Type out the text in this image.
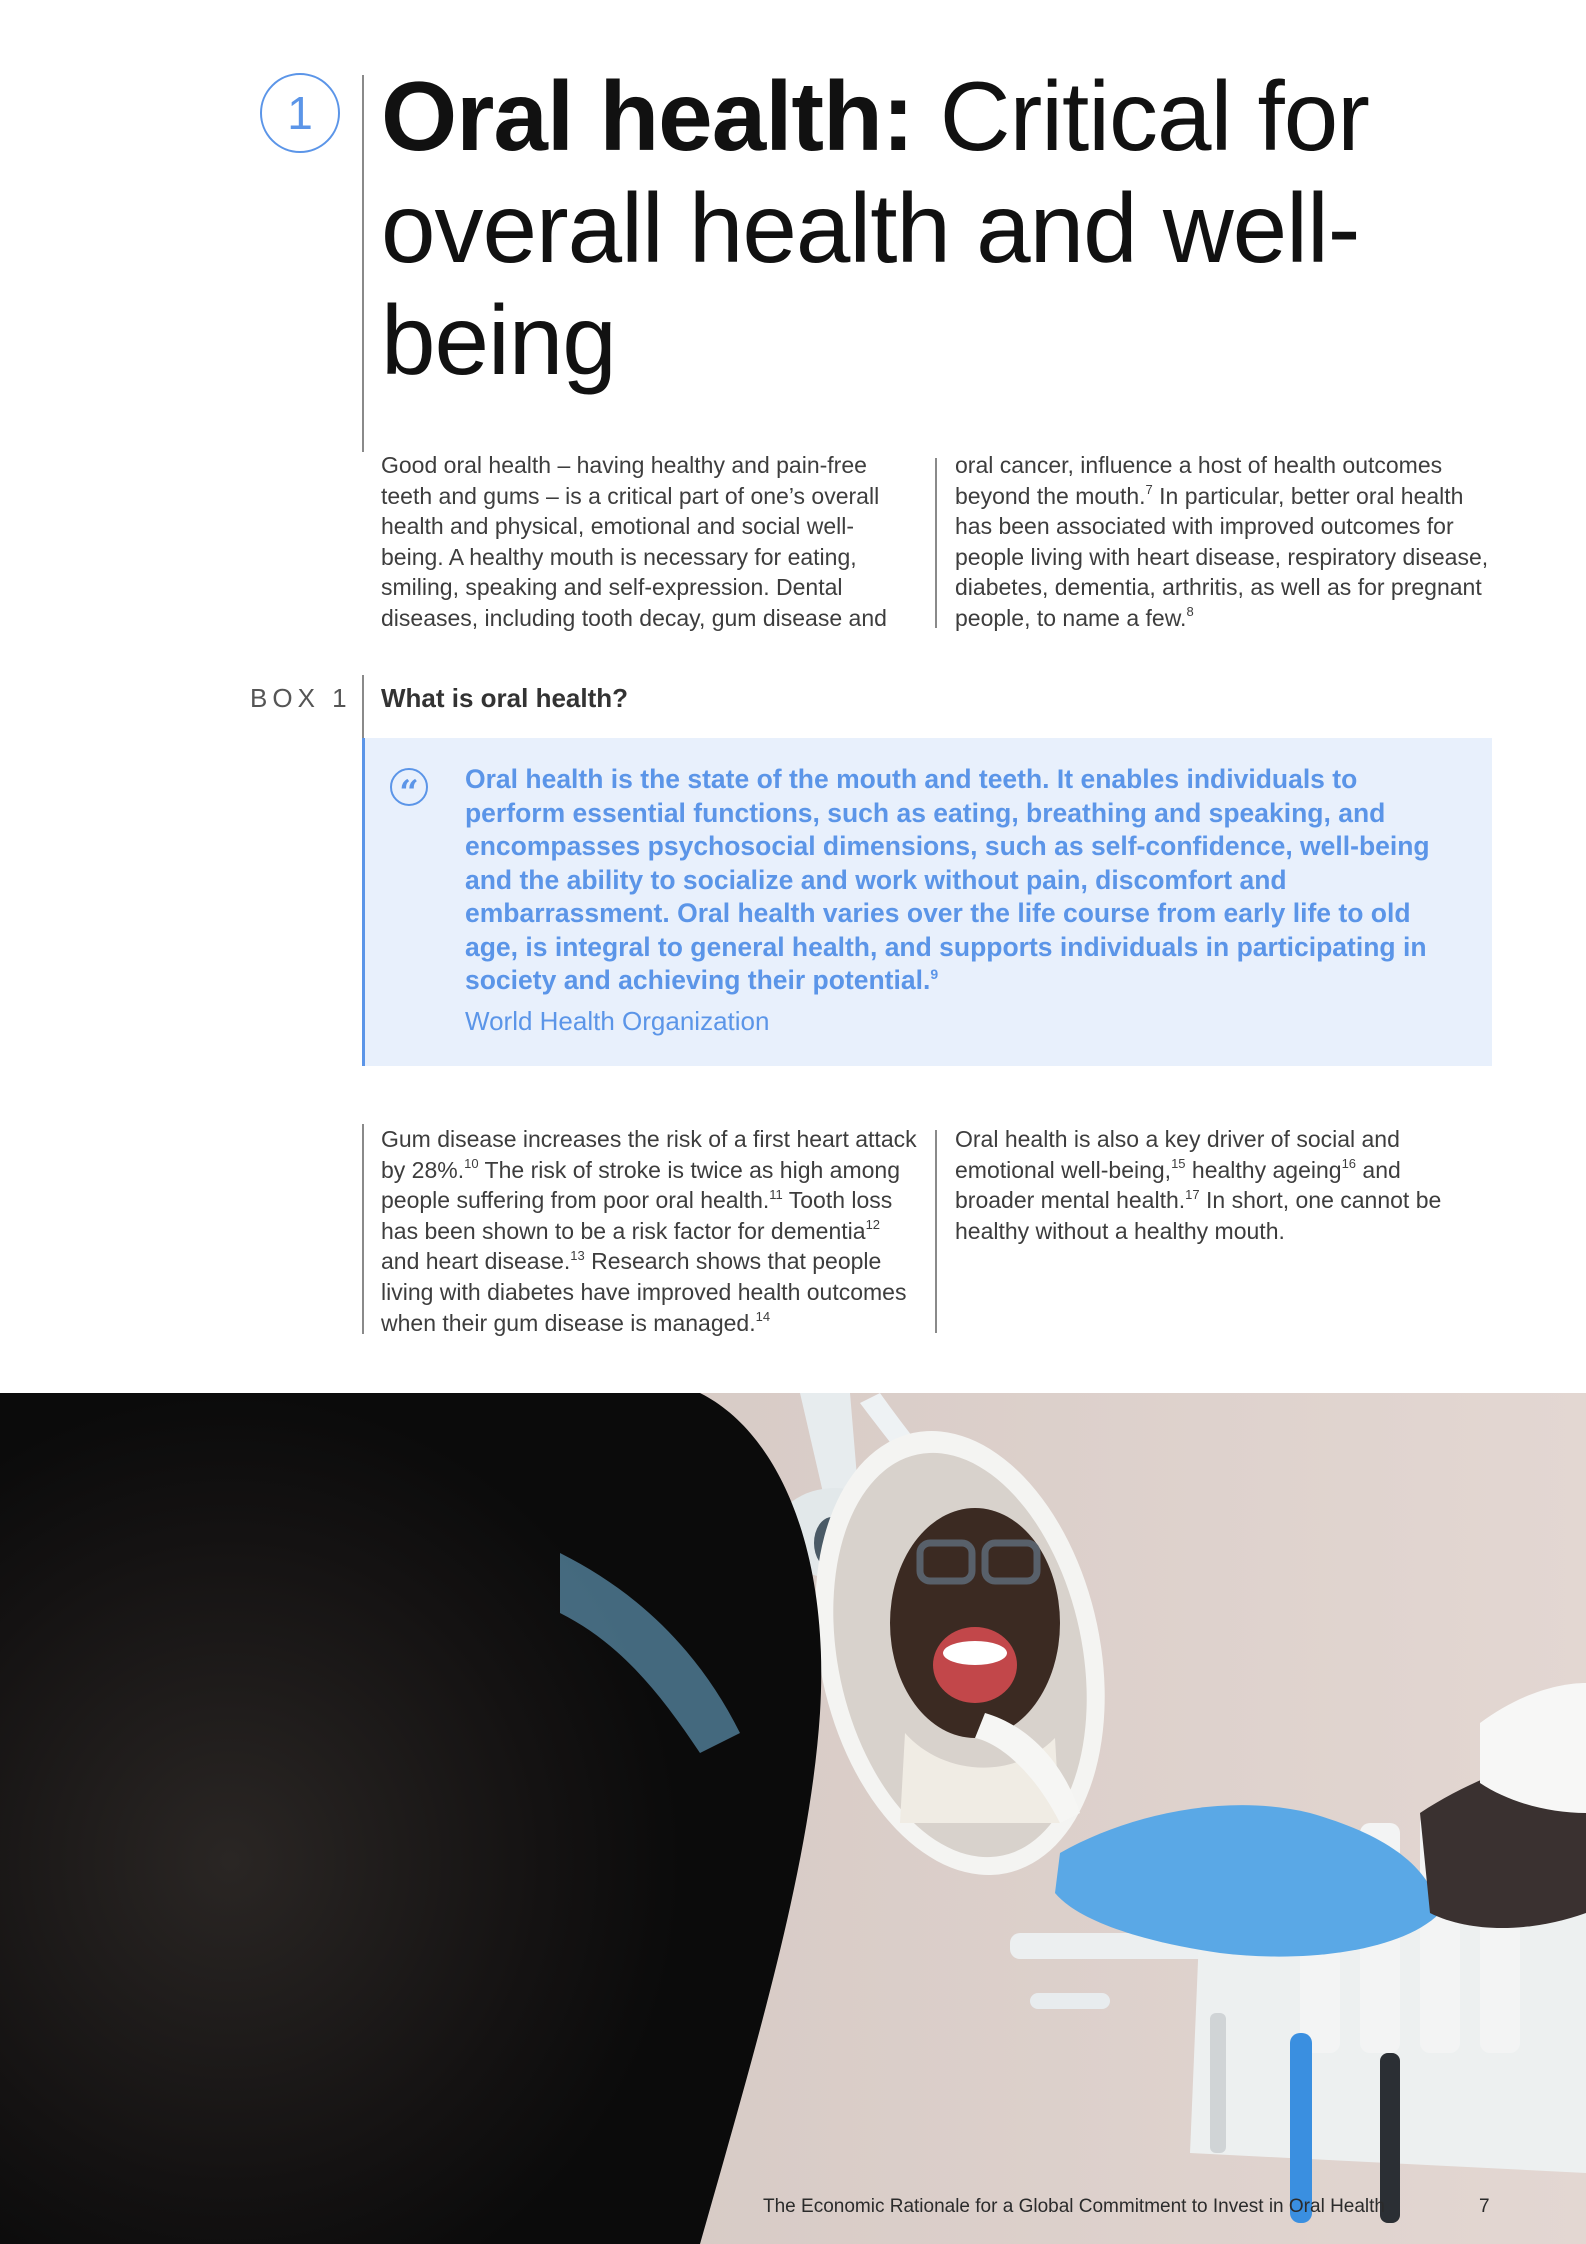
1 Oral health: Critical for overall health and well-being

Good oral health – having healthy and pain-free teeth and gums – is a critical part of one’s overall health and physical, emotional and social well-being. A healthy mouth is necessary for eating, smiling, speaking and self-expression. Dental diseases, including tooth decay, gum disease and

oral cancer, influence a host of health outcomes beyond the mouth.$^7$ In particular, better oral health has been associated with improved outcomes for people living with heart disease, respiratory disease, diabetes, dementia, arthritis, as well as for pregnant people, to name a few.$^8$

BOX 1 What is oral health?
“	Oral health is the state of the mouth and teeth. It enables individuals to perform essential functions, such as eating, breathing and speaking, and encompasses psychosocial dimensions, such as self-confidence, well-being and the ability to socialize and work without pain, discomfort and embarrassment. Oral health varies over the life course from early life to old age, is integral to general health, and supports individuals in participating in society and achieving their potential.$^9$

World Health Organization

Gum disease increases the risk of a first heart attack by 28%.$^{10}$ The risk of stroke is twice as high among people suffering from poor oral health.$^{11}$ Tooth loss has been shown to be a risk factor for dementia$^{12}$ and heart disease.$^{13}$ Research shows that people living with diabetes have improved health outcomes when their gum disease is managed.$^{14}$

Oral health is also a key driver of social and emotional well-being,$^{15}$ healthy ageing$^{16}$ and broader mental health.$^{17}$ In short, one cannot be healthy without a healthy mouth.

The Economic Rationale for a Global Commitment to Invest in Oral Health	7
